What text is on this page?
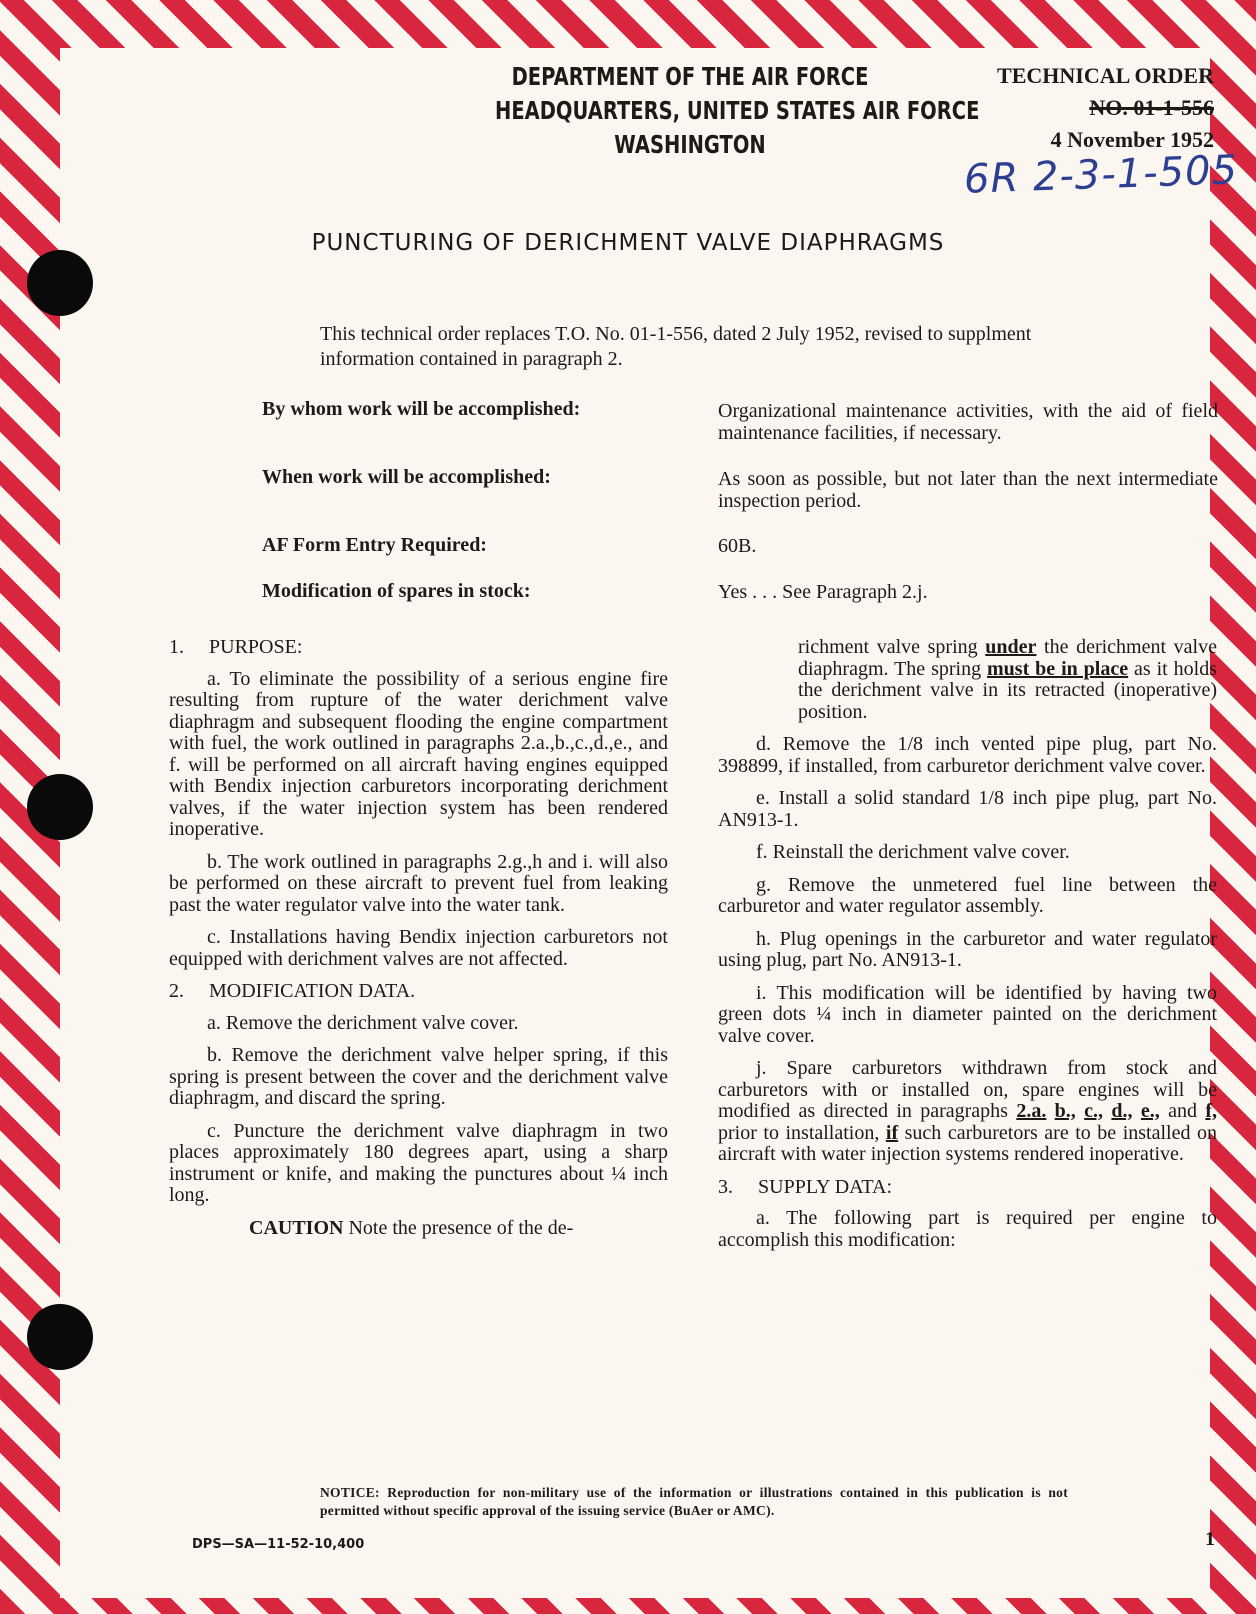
DEPARTMENT OF THE AIR FORCE
HEADQUARTERS, UNITED STATES AIR FORCE
WASHINGTON
TECHNICAL ORDER
NO. 01-1-556
4 November 1952
6R 2-3-1-505
PUNCTURING OF DERICHMENT VALVE DIAPHRAGMS
This technical order replaces T.O. No. 01-1-556, dated 2 July 1952, revised to supplment information contained in paragraph 2.
By whom work will be accomplished:	Organizational maintenance activities, with the aid of field maintenance facilities, if necessary.
When work will be accomplished:	As soon as possible, but not later than the next intermediate inspection period.
AF Form Entry Required:	60B.
Modification of spares in stock:	Yes . . . See Paragraph 2.j.

1. PURPOSE:

a. To eliminate the possibility of a serious engine fire resulting from rupture of the water derichment valve diaphragm and subsequent flooding the engine compartment with fuel, the work outlined in paragraphs 2.a.,b.,c.,d.,e., and f. will be performed on all aircraft having engines equipped with Bendix injection carburetors incorporating derichment valves, if the water injection system has been rendered inoperative.

b. The work outlined in paragraphs 2.g.,h and i. will also be performed on these aircraft to prevent fuel from leaking past the water regulator valve into the water tank.

c. Installations having Bendix injection carburetors not equipped with derichment valves are not affected.

2. MODIFICATION DATA.

a. Remove the derichment valve cover.

b. Remove the derichment valve helper spring, if this spring is present between the cover and the derichment valve diaphragm, and discard the spring.

c. Puncture the derichment valve diaphragm in two places approximately 180 degrees apart, using a sharp instrument or knife, and making the punctures about ¼ inch long.

CAUTION Note the presence of the de-

richment valve spring under the derichment valve diaphragm. The spring must be in place as it holds the derichment valve in its retracted (inoperative) position.

d. Remove the 1/8 inch vented pipe plug, part No. 398899, if installed, from carburetor derichment valve cover.

e. Install a solid standard 1/8 inch pipe plug, part No. AN913-1.

f. Reinstall the derichment valve cover.

g. Remove the unmetered fuel line between the carburetor and water regulator assembly.

h. Plug openings in the carburetor and water regulator using plug, part No. AN913-1.

i. This modification will be identified by having two green dots ¼ inch in diameter painted on the derichment valve cover.

j. Spare carburetors withdrawn from stock and carburetors with or installed on, spare engines will be modified as directed in paragraphs 2.a. b., c., d., e., and f, prior to installation, if such carburetors are to be installed on aircraft with water injection systems rendered inoperative.

3. SUPPLY DATA:

a. The following part is required per engine to accomplish this modification:

NOTICE: Reproduction for non-military use of the information or illustrations contained in this publication is not permitted without specific approval of the issuing service (BuAer or AMC).
DPS—SA—11-52-10,400	1
